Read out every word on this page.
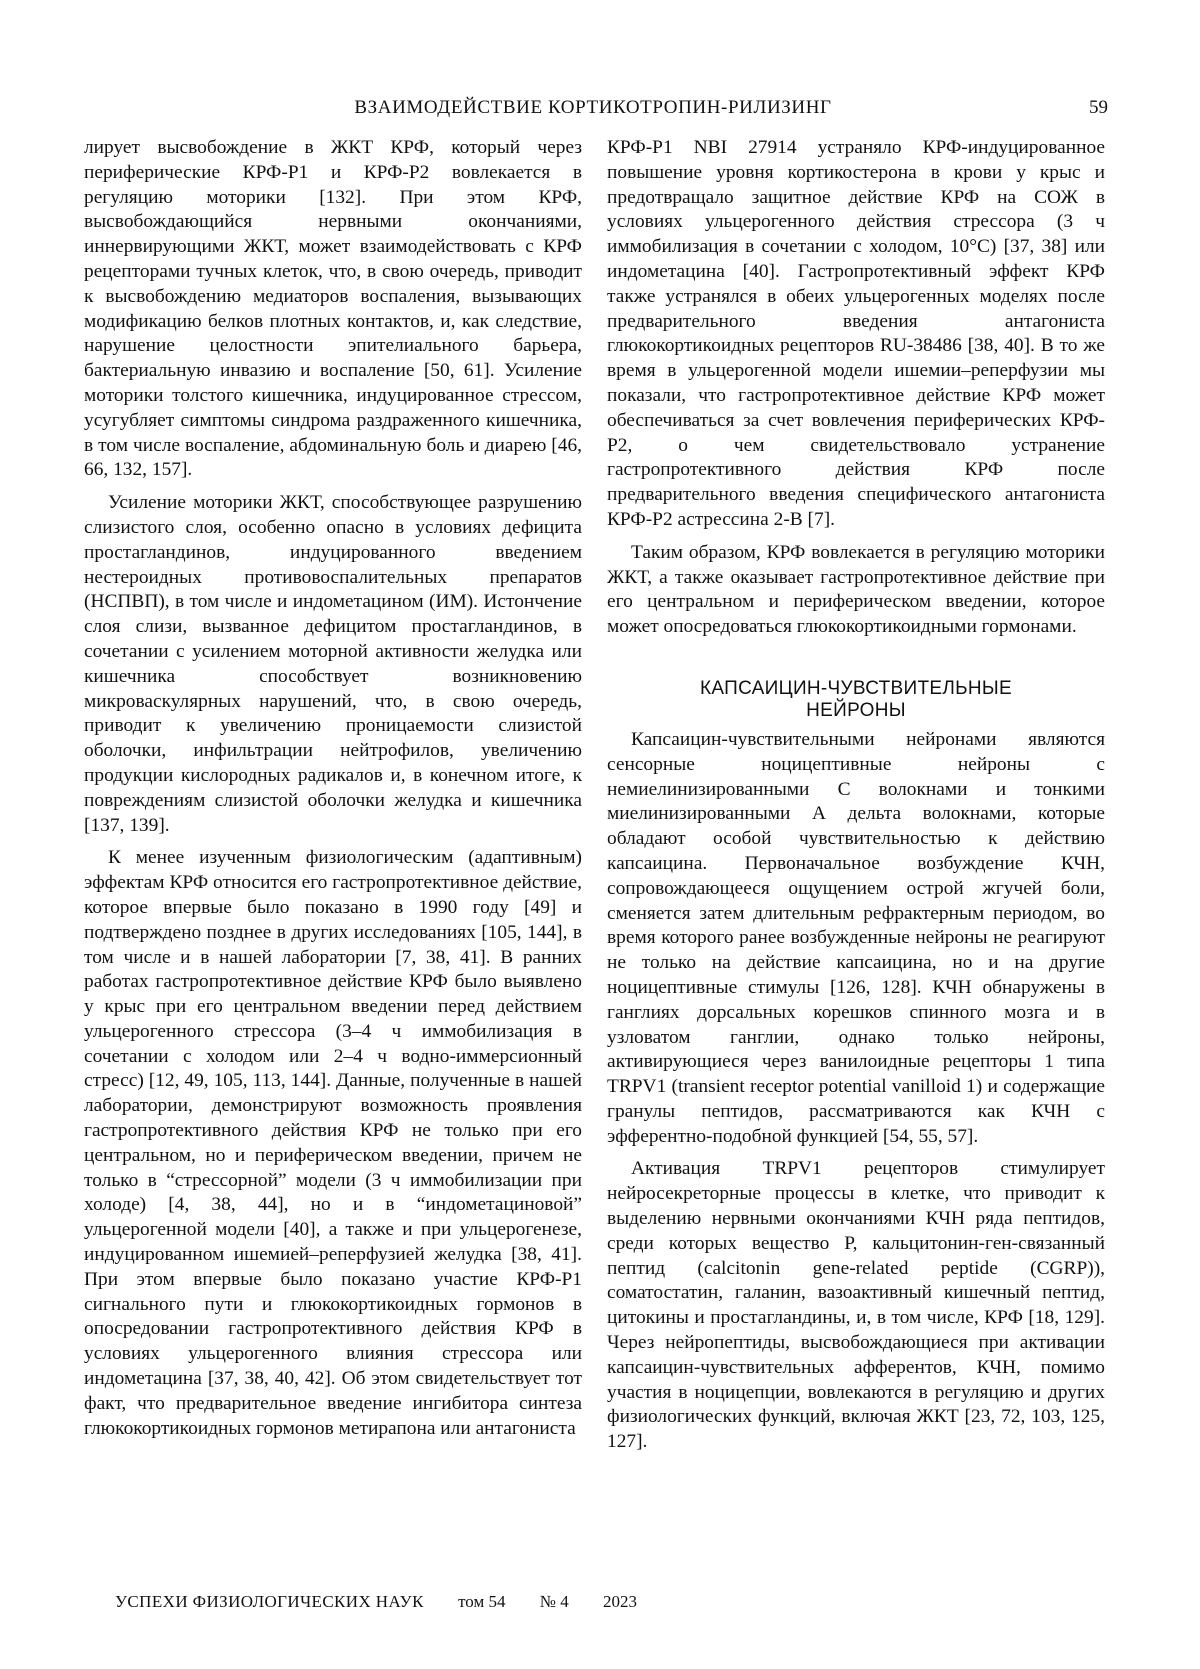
ВЗАИМОДЕЙСТВИЕ КОРТИКОТРОПИН-РИЛИЗИНГ	59

лирует высвобождение в ЖКТ КРФ, который через периферические КРФ-Р1 и КРФ-Р2 вовлекается в регуляцию моторики [132]. При этом КРФ, высвобождающийся нервными окончаниями, иннервирующими ЖКТ, может взаимодействовать с КРФ рецепторами тучных клеток, что, в свою очередь, приводит к высвобождению медиаторов воспаления, вызывающих модификацию белков плотных контактов, и, как следствие, нарушение целостности эпителиального барьера, бактериальную инвазию и воспаление [50, 61]. Усиление моторики толстого кишечника, индуцированное стрессом, усугубляет симптомы синдрома раздраженного кишечника, в том числе воспаление, абдоминальную боль и диарею [46, 66, 132, 157].

Усиление моторики ЖКТ, способствующее разрушению слизистого слоя, особенно опасно в условиях дефицита простагландинов, индуцированного введением нестероидных противовоспалительных препаратов (НСПВП), в том числе и индометацином (ИМ). Истончение слоя слизи, вызванное дефицитом простагландинов, в сочетании с усилением моторной активности желудка или кишечника способствует возникновению микроваскулярных нарушений, что, в свою очередь, приводит к увеличению проницаемости слизистой оболочки, инфильтрации нейтрофилов, увеличению продукции кислородных радикалов и, в конечном итоге, к повреждениям слизистой оболочки желудка и кишечника [137, 139].

К менее изученным физиологическим (адаптивным) эффектам КРФ относится его гастропротективное действие, которое впервые было показано в 1990 году [49] и подтверждено позднее в других исследованиях [105, 144], в том числе и в нашей лаборатории [7, 38, 41]. В ранних работах гастропротективное действие КРФ было выявлено у крыс при его центральном введении перед действием ульцерогенного стрессора (3–4 ч иммобилизация в сочетании с холодом или 2–4 ч водно-иммерсионный стресс) [12, 49, 105, 113, 144]. Данные, полученные в нашей лаборатории, демонстрируют возможность проявления гастропротективного действия КРФ не только при его центральном, но и периферическом введении, причем не только в “стрессорной” модели (3 ч иммобилизации при холоде) [4, 38, 44], но и в “индометациновой” ульцерогенной модели [40], а также и при ульцерогенезе, индуцированном ишемией–реперфузией желудка [38, 41]. При этом впервые было показано участие КРФ-Р1 сигнального пути и глюкокортикоидных гормонов в опосредовании гастропротективного действия КРФ в условиях ульцерогенного влияния стрессора или индометацина [37, 38, 40, 42]. Об этом свидетельствует тот факт, что предварительное введение ингибитора синтеза глюкокортикоидных гормонов метирапона или антагониста

КРФ-Р1 NBI 27914 устраняло КРФ-индуцированное повышение уровня кортикостерона в крови у крыс и предотвращало защитное действие КРФ на СОЖ в условиях ульцерогенного действия стрессора (3 ч иммобилизация в сочетании с холодом, 10°С) [37, 38] или индометацина [40]. Гастропротективный эффект КРФ также устранялся в обеих ульцерогенных моделях после предварительного введения антагониста глюкокортикоидных рецепторов RU-38486 [38, 40]. В то же время в ульцерогенной модели ишемии–реперфузии мы показали, что гастропротективное действие КРФ может обеспечиваться за счет вовлечения периферических КРФ-Р2, о чем свидетельствовало устранение гастропротективного действия КРФ после предварительного введения специфического антагониста КРФ-Р2 астрессина 2-В [7].

Таким образом, КРФ вовлекается в регуляцию моторики ЖКТ, а также оказывает гастропротективное действие при его центральном и периферическом введении, которое может опосредоваться глюкокортикоидными гормонами.

КАПСАИЦИН-ЧУВСТВИТЕЛЬНЫЕ
НЕЙРОНЫ

Капсаицин-чувствительными нейронами являются сенсорные ноцицептивные нейроны с немиелинизированными С волокнами и тонкими миелинизированными А дельта волокнами, которые обладают особой чувствительностью к действию капсаицина. Первоначальное возбуждение КЧН, сопровождающееся ощущением острой жгучей боли, сменяется затем длительным рефрактерным периодом, во время которого ранее возбужденные нейроны не реагируют не только на действие капсаицина, но и на другие ноцицептивные стимулы [126, 128]. КЧН обнаружены в ганглиях дорсальных корешков спинного мозга и в узловатом ганглии, однако только нейроны, активирующиеся через ванилоидные рецепторы 1 типа TRPV1 (transient receptor potential vanilloid 1) и содержащие гранулы пептидов, рассматриваются как КЧН с эфферентно-подобной функцией [54, 55, 57].

Активация TRPV1 рецепторов стимулирует нейросекреторные процессы в клетке, что приводит к выделению нервными окончаниями КЧН ряда пептидов, среди которых вещество Р, кальцитонин-ген-связанный пептид (calcitonin gene-related peptide (CGRP)), соматостатин, галанин, вазоактивный кишечный пептид, цитокины и простагландины, и, в том числе, КРФ [18, 129]. Через нейропептиды, высвобождающиеся при активации капсаицин-чувствительных афферентов, КЧН, помимо участия в ноцицепции, вовлекаются в регуляцию и других физиологических функций, включая ЖКТ [23, 72, 103, 125, 127].

УСПЕХИ ФИЗИОЛОГИЧЕСКИХ НАУК том 54 № 4 2023
